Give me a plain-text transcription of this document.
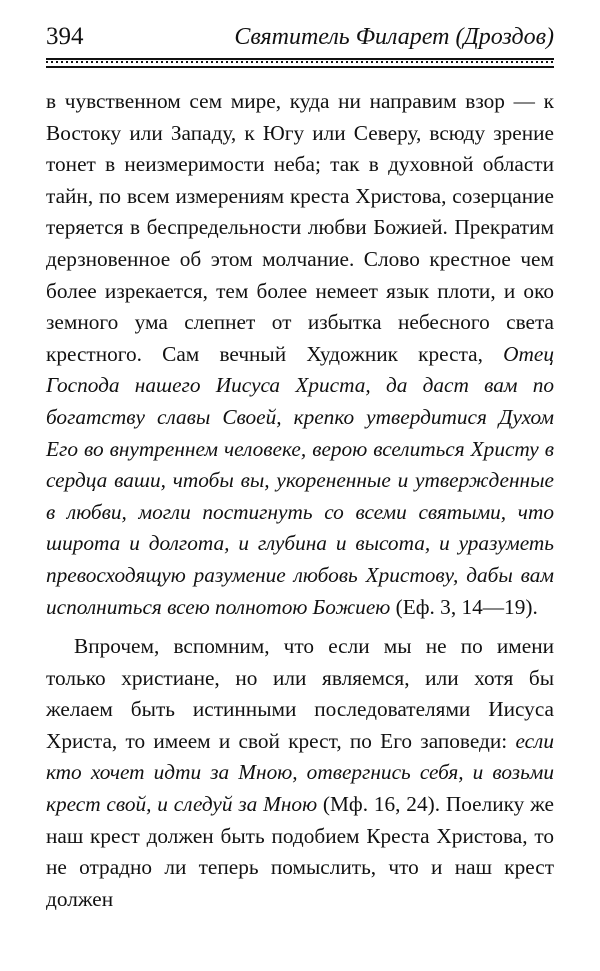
394	Святитель Филарет (Дроздов)

в чувственном сем мире, куда ни направим взор — к Востоку или Западу, к Югу или Северу, всюду зрение тонет в неизмеримости неба; так в духовной области тайн, по всем измерениям креста Христова, созерцание теряется в беспредельности любви Божией. Прекратим дерзновенное об этом молчание. Слово крестное чем более изрекается, тем более немеет язык плоти, и око земного ума слепнет от избытка небесного света крестного. Сам вечный Художник креста, Отец Господа нашего Иисуса Христа, да даст вам по богатству славы Своей, крепко утвердитися Духом Его во внутреннем человеке, верою вселиться Христу в сердца ваши, чтобы вы, укорененные и утвержденные в любви, могли постигнуть со всеми святыми, что широта и долгота, и глубина и высота, и уразуметь превосходящую разумение любовь Христову, дабы вам исполниться всею полнотою Божиею (Еф. 3, 14—19).

Впрочем, вспомним, что если мы не по имени только христиане, но или являемся, или хотя бы желаем быть истинными последователями Иисуса Христа, то имеем и свой крест, по Его заповеди: если кто хочет идти за Мною, отвергнись себя, и возьми крест свой, и следуй за Мною (Мф. 16, 24). Поелику же наш крест должен быть подобием Креста Христова, то не отрадно ли теперь помыслить, что и наш крест должен
